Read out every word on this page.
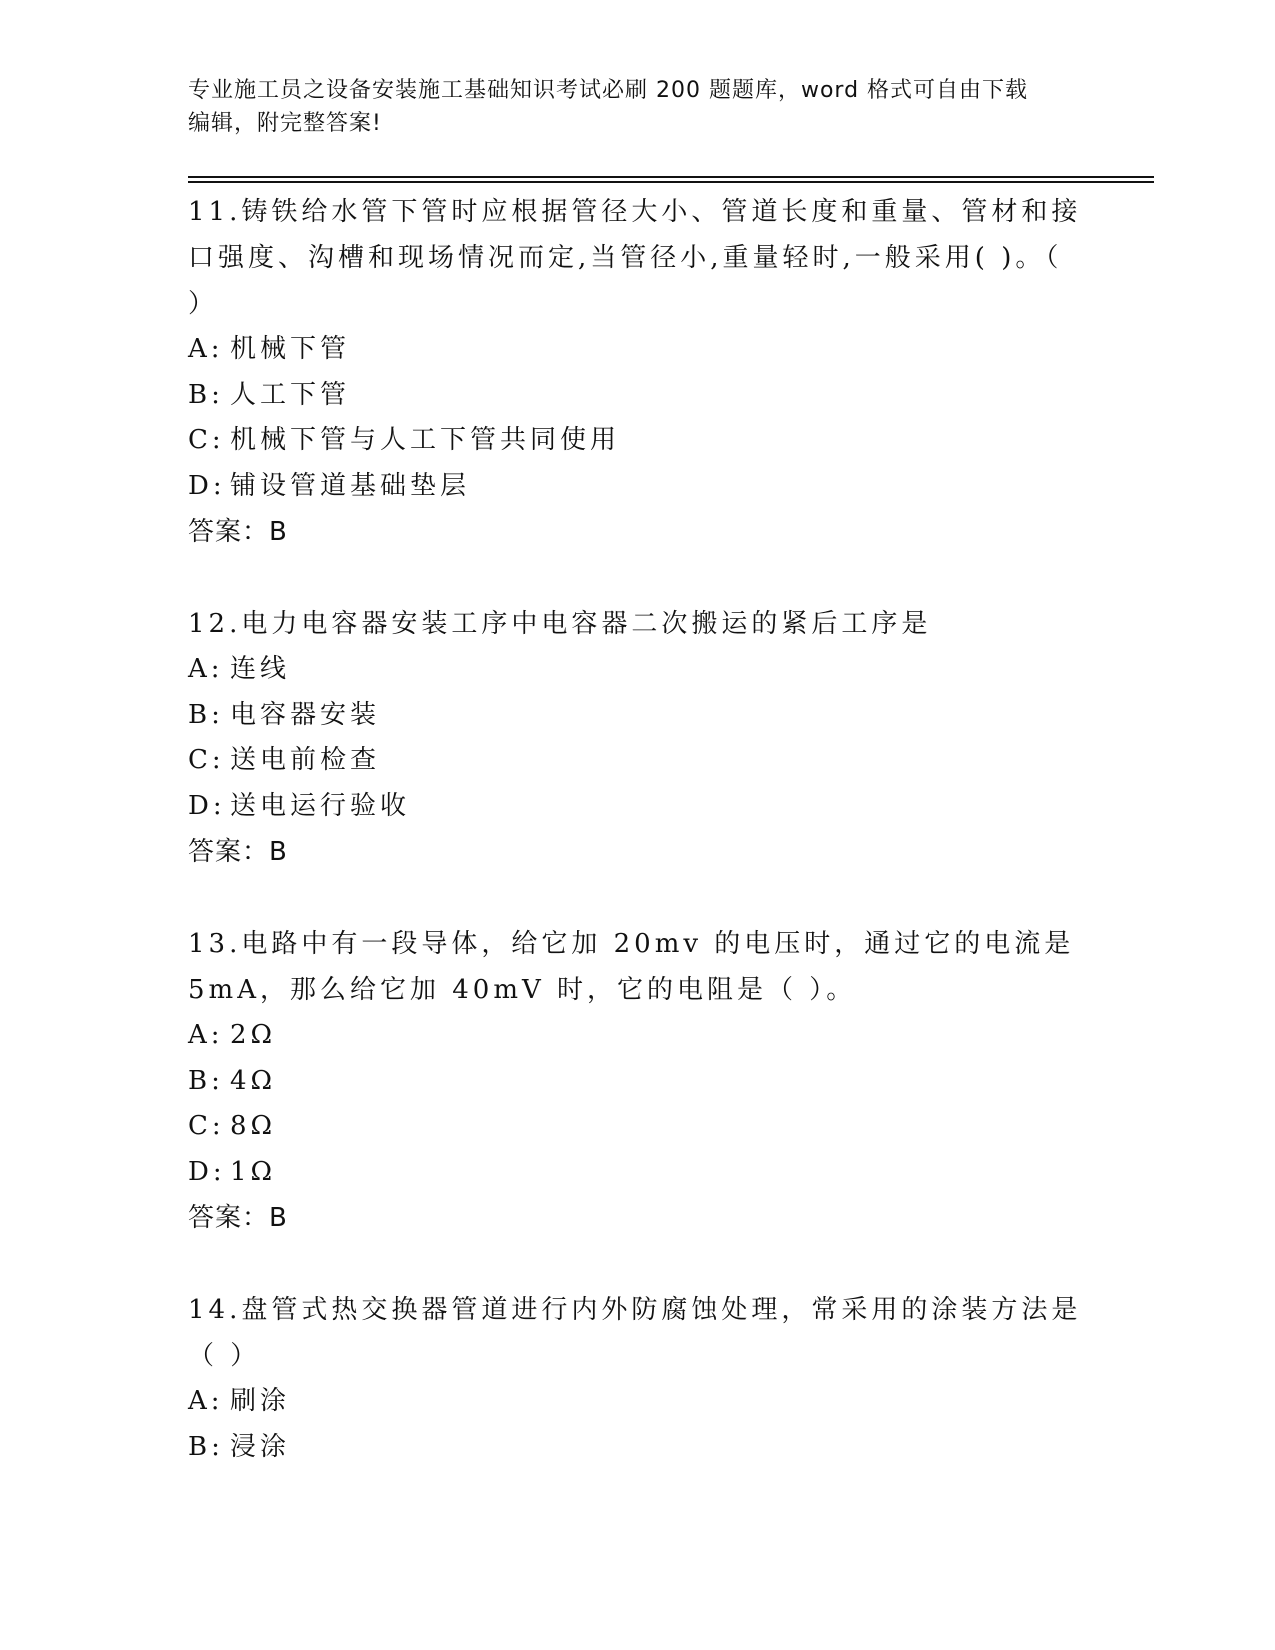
专业施工员之设备安装施工基础知识考试必刷 200 题题库，word 格式可自由下载
编辑，附完整答案!

11.铸铁给水管下管时应根据管径大小、管道长度和重量、管材和接口强度、沟槽和现场情况而定,当管径小,重量轻时,一般采用( )。（ ）

A: 机械下管

B: 人工下管

C: 机械下管与人工下管共同使用

D: 铺设管道基础垫层

答案：B

12.电力电容器安装工序中电容器二次搬运的紧后工序是

A: 连线

B: 电容器安装

C: 送电前检查

D: 送电运行验收

答案：B

13.电路中有一段导体，给它加 20mv 的电压时，通过它的电流是 5mA，那么给它加 40mV 时，它的电阻是（ ）。

A: 2Ω

B: 4Ω

C: 8Ω

D: 1Ω

答案：B

14.盘管式热交换器管道进行内外防腐蚀处理，常采用的涂装方法是（ ）

A: 刷涂

B: 浸涂
